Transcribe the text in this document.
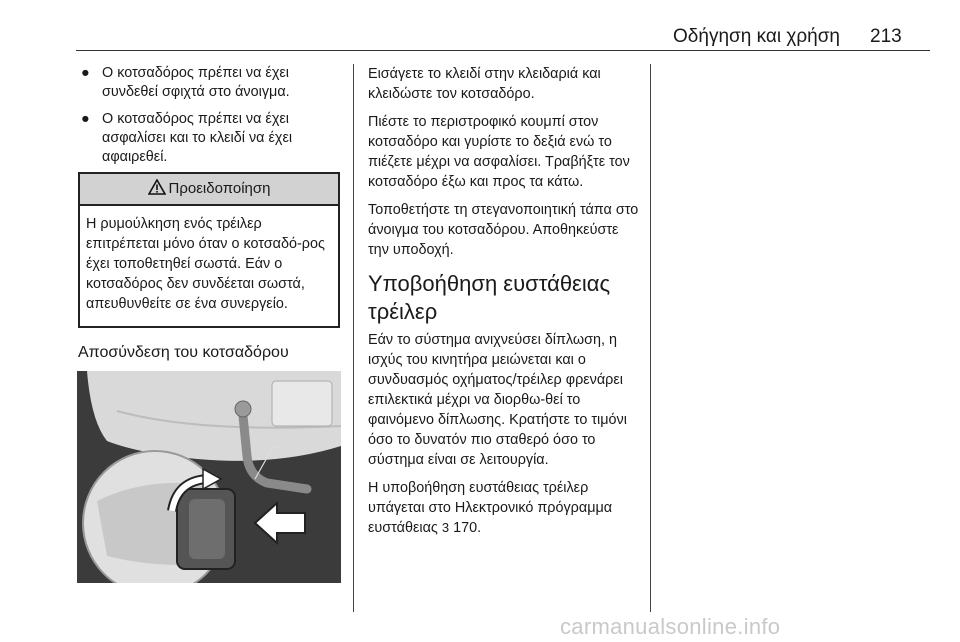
Οδήγηση και χρήση 213
● Ο κοτσαδόρος πρέπει να έχει συνδεθεί σφιχτά στο άνοιγμα.
● Ο κοτσαδόρος πρέπει να έχει ασφαλίσει και το κλειδί να έχει αφαιρεθεί.
Προειδοποίηση
Η ρυμούλκηση ενός τρέιλερ επιτρέπεται μόνο όταν ο κοτσαδό-ρος έχει τοποθετηθεί σωστά. Εάν ο κοτσαδόρος δεν συνδέεται σωστά, απευθυνθείτε σε ένα συνεργείο.
Αποσύνδεση του κοτσαδόρου

Εισάγετε το κλειδί στην κλειδαριά και κλειδώστε τον κοτσαδόρο.

Πιέστε το περιστροφικό κουμπί στον κοτσαδόρο και γυρίστε το δεξιά ενώ το πιέζετε μέχρι να ασφαλίσει. Τραβήξτε τον κοτσαδόρο έξω και προς τα κάτω.

Τοποθετήστε τη στεγανοποιητική τάπα στο άνοιγμα του κοτσαδόρου. Αποθηκεύστε την υποδοχή.

Υποβοήθηση ευστάθειας τρέιλερ

Εάν το σύστημα ανιχνεύσει δίπλωση, η ισχύς του κινητήρα μειώνεται και ο συνδυασμός οχήματος/τρέιλερ φρενάρει επιλεκτικά μέχρι να διορθω-θεί το φαινόμενο δίπλωσης. Κρατήστε το τιμόνι όσο το δυνατόν πιο σταθερό όσο το σύστημα είναι σε λειτουργία.

Η υποβοήθηση ευστάθειας τρέιλερ υπάγεται στο Ηλεκτρονικό πρόγραμμα ευστάθειας 3 170.

carmanualsonline.info
